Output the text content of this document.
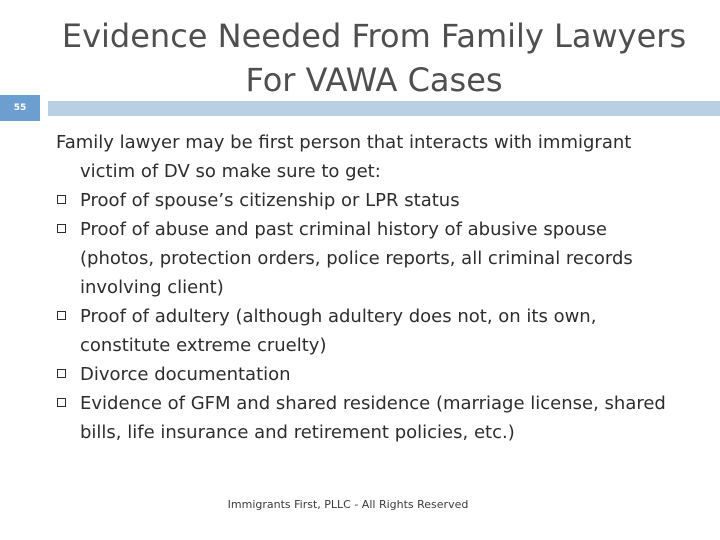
Evidence Needed From Family Lawyers
For VAWA Cases
55

Family lawyer may be first person that interacts with immigrant victim of DV so make sure to get:

Proof of spouse’s citizenship or LPR status
Proof of abuse and past criminal history of abusive spouse (photos, protection orders, police reports, all criminal records involving client)
Proof of adultery (although adultery does not, on its own, constitute extreme cruelty)
Divorce documentation
Evidence of GFM and shared residence (marriage license, shared bills, life insurance and retirement policies, etc.)
Immigrants First, PLLC - All Rights Reserved
